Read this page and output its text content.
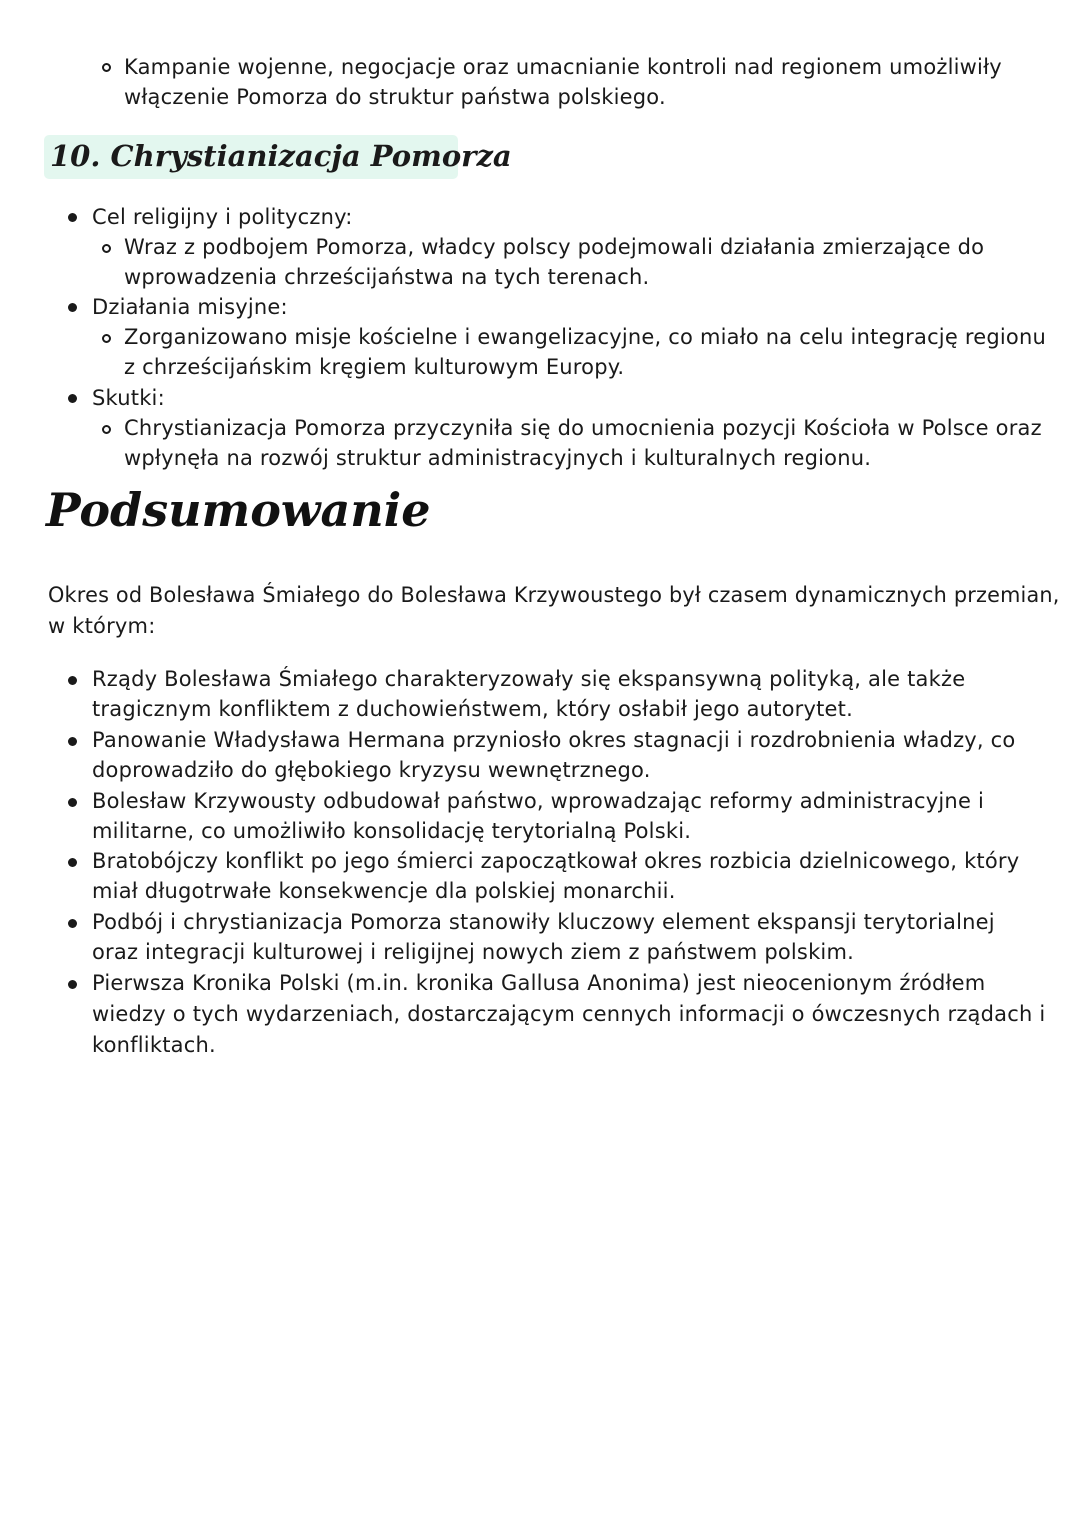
Kampanie wojenne, negocjacje oraz umacnianie kontroli nad regionem umożliwiły
włączenie Pomorza do struktur państwa polskiego.
10. Chrystianizacja Pomorza
Cel religijny i polityczny:
Wraz z podbojem Pomorza, władcy polscy podejmowali działania zmierzające do
wprowadzenia chrześcijaństwa na tych terenach.
Działania misyjne:
Zorganizowano misje kościelne i ewangelizacyjne, co miało na celu integrację regionu
z chrześcijańskim kręgiem kulturowym Europy.
Skutki:
Chrystianizacja Pomorza przyczyniła się do umocnienia pozycji Kościoła w Polsce oraz
wpłynęła na rozwój struktur administracyjnych i kulturalnych regionu.
Podsumowanie
Okres od Bolesława Śmiałego do Bolesława Krzywoustego był czasem dynamicznych przemian,
w którym:
Rządy Bolesława Śmiałego charakteryzowały się ekspansywną polityką, ale także
tragicznym konfliktem z duchowieństwem, który osłabił jego autorytet.
Panowanie Władysława Hermana przyniosło okres stagnacji i rozdrobnienia władzy, co
doprowadziło do głębokiego kryzysu wewnętrznego.
Bolesław Krzywousty odbudował państwo, wprowadzając reformy administracyjne i
militarne, co umożliwiło konsolidację terytorialną Polski.
Bratobójczy konflikt po jego śmierci zapoczątkował okres rozbicia dzielnicowego, który
miał długotrwałe konsekwencje dla polskiej monarchii.
Podbój i chrystianizacja Pomorza stanowiły kluczowy element ekspansji terytorialnej
oraz integracji kulturowej i religijnej nowych ziem z państwem polskim.
Pierwsza Kronika Polski (m.in. kronika Gallusa Anonima) jest nieocenionym źródłem
wiedzy o tych wydarzeniach, dostarczającym cennych informacji o ówczesnych rządach i
konfliktach.
